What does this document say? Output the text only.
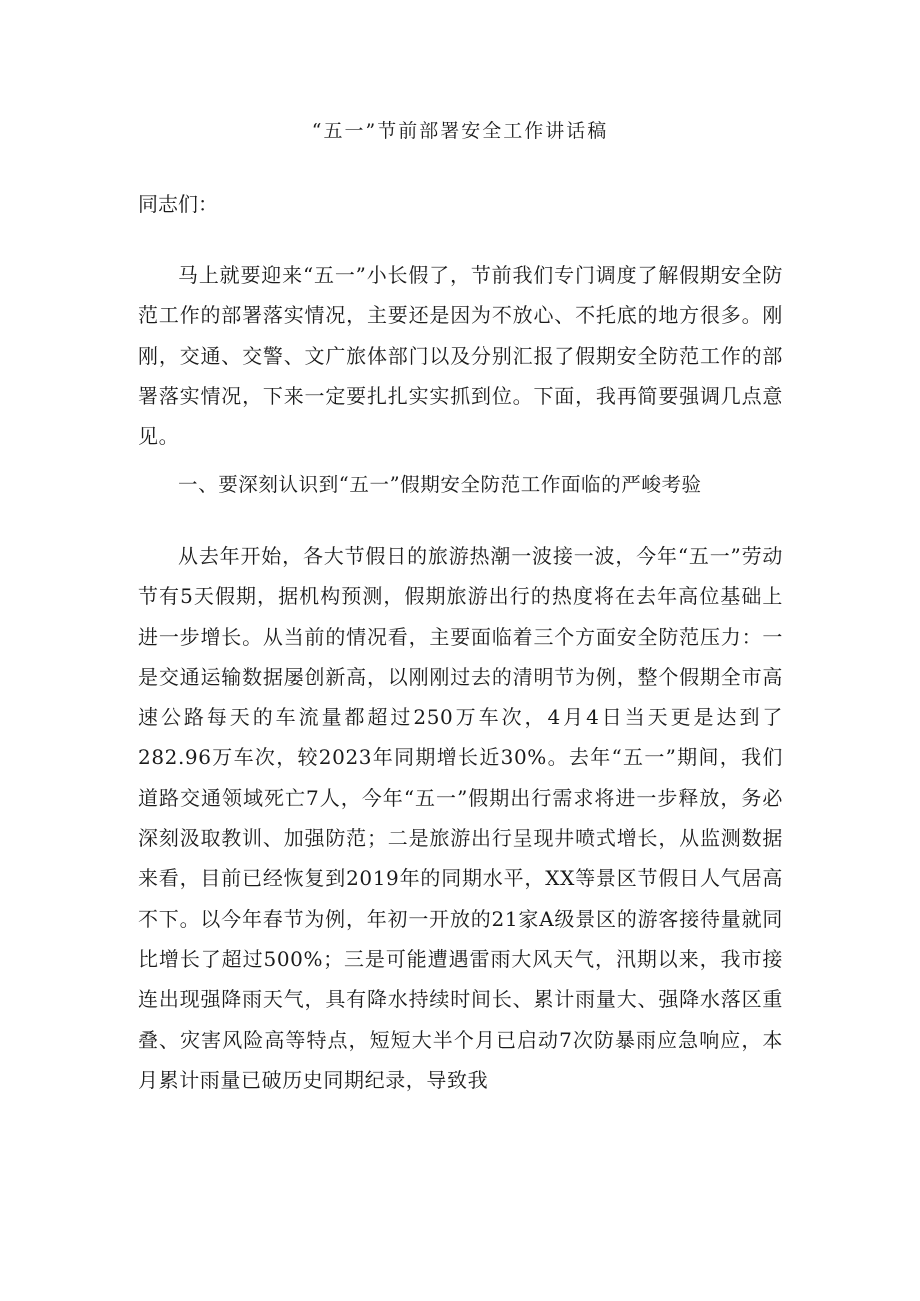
“五一”节前部署安全工作讲话稿

同志们：

马上就要迎来“五一”小长假了，节前我们专门调度了解假期安全防范工作的部署落实情况，主要还是因为不放心、不托底的地方很多。刚刚，交通、交警、文广旅体部门以及分别汇报了假期安全防范工作的部署落实情况，下来一定要扎扎实实抓到位。下面，我再简要强调几点意见。

一、要深刻认识到“五一”假期安全防范工作面临的严峻考验

从去年开始，各大节假日的旅游热潮一波接一波，今年“五一”劳动节有5天假期，据机构预测，假期旅游出行的热度将在去年高位基础上进一步增长。从当前的情况看，主要面临着三个方面安全防范压力：一是交通运输数据屡创新高，以刚刚过去的清明节为例，整个假期全市高速公路每天的车流量都超过250万车次，4月4日当天更是达到了282.96万车次，较2023年同期增长近30%。去年“五一”期间，我们道路交通领域死亡7人，今年“五一”假期出行需求将进一步释放，务必深刻汲取教训、加强防范；二是旅游出行呈现井喷式增长，从监测数据来看，目前已经恢复到2019年的同期水平，XX等景区节假日人气居高不下。以今年春节为例，年初一开放的21家A级景区的游客接待量就同比增长了超过500%；三是可能遭遇雷雨大风天气，汛期以来，我市接连出现强降雨天气，具有降水持续时间长、累计雨量大、强降水落区重叠、灾害风险高等特点，短短大半个月已启动7次防暴雨应急响应，本月累计雨量已破历史同期纪录，导致我
